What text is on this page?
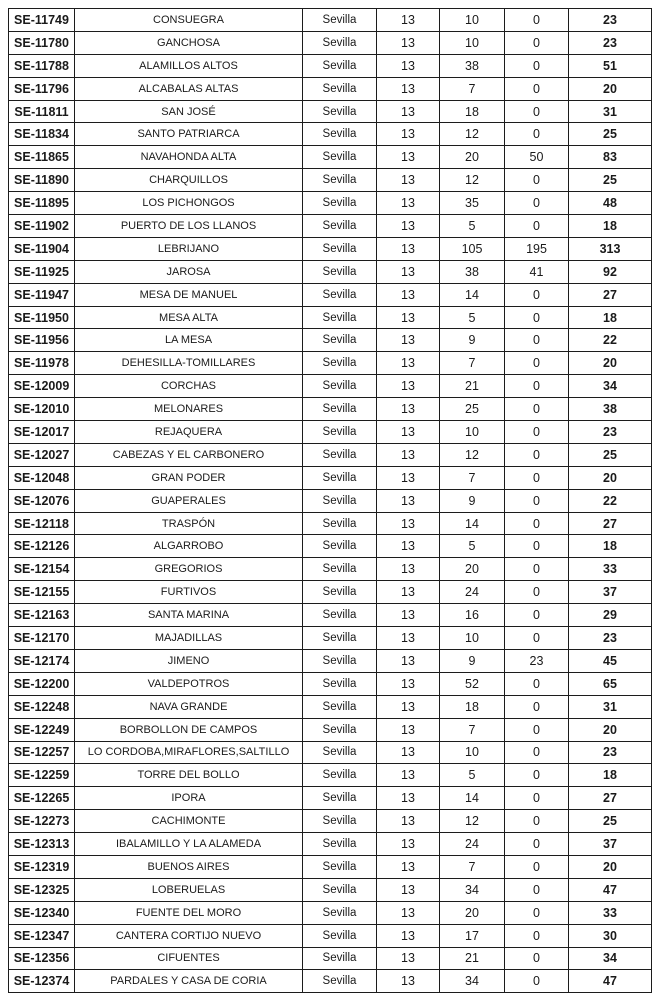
SE-11749	CONSUEGRA	Sevilla	13	10	0	23
SE-11780	GANCHOSA	Sevilla	13	10	0	23
SE-11788	ALAMILLOS ALTOS	Sevilla	13	38	0	51
SE-11796	ALCABALAS ALTAS	Sevilla	13	7	0	20
SE-11811	SAN JOSÉ	Sevilla	13	18	0	31
SE-11834	SANTO PATRIARCA	Sevilla	13	12	0	25
SE-11865	NAVAHONDA ALTA	Sevilla	13	20	50	83
SE-11890	CHARQUILLOS	Sevilla	13	12	0	25
SE-11895	LOS PICHONGOS	Sevilla	13	35	0	48
SE-11902	PUERTO DE LOS LLANOS	Sevilla	13	5	0	18
SE-11904	LEBRIJANO	Sevilla	13	105	195	313
SE-11925	JAROSA	Sevilla	13	38	41	92
SE-11947	MESA DE MANUEL	Sevilla	13	14	0	27
SE-11950	MESA ALTA	Sevilla	13	5	0	18
SE-11956	LA MESA	Sevilla	13	9	0	22
SE-11978	DEHESILLA-TOMILLARES	Sevilla	13	7	0	20
SE-12009	CORCHAS	Sevilla	13	21	0	34
SE-12010	MELONARES	Sevilla	13	25	0	38
SE-12017	REJAQUERA	Sevilla	13	10	0	23
SE-12027	CABEZAS Y EL CARBONERO	Sevilla	13	12	0	25
SE-12048	GRAN PODER	Sevilla	13	7	0	20
SE-12076	GUAPERALES	Sevilla	13	9	0	22
SE-12118	TRASPÓN	Sevilla	13	14	0	27
SE-12126	ALGARROBO	Sevilla	13	5	0	18
SE-12154	GREGORIOS	Sevilla	13	20	0	33
SE-12155	FURTIVOS	Sevilla	13	24	0	37
SE-12163	SANTA MARINA	Sevilla	13	16	0	29
SE-12170	MAJADILLAS	Sevilla	13	10	0	23
SE-12174	JIMENO	Sevilla	13	9	23	45
SE-12200	VALDEPOTROS	Sevilla	13	52	0	65
SE-12248	NAVA GRANDE	Sevilla	13	18	0	31
SE-12249	BORBOLLON DE CAMPOS	Sevilla	13	7	0	20
SE-12257	LO CORDOBA,MIRAFLORES,SALTILLO	Sevilla	13	10	0	23
SE-12259	TORRE DEL BOLLO	Sevilla	13	5	0	18
SE-12265	IPORA	Sevilla	13	14	0	27
SE-12273	CACHIMONTE	Sevilla	13	12	0	25
SE-12313	IBALAMILLO Y LA ALAMEDA	Sevilla	13	24	0	37
SE-12319	BUENOS AIRES	Sevilla	13	7	0	20
SE-12325	LOBERUELAS	Sevilla	13	34	0	47
SE-12340	FUENTE DEL MORO	Sevilla	13	20	0	33
SE-12347	CANTERA CORTIJO NUEVO	Sevilla	13	17	0	30
SE-12356	CIFUENTES	Sevilla	13	21	0	34
SE-12374	PARDALES Y CASA DE CORIA	Sevilla	13	34	0	47
